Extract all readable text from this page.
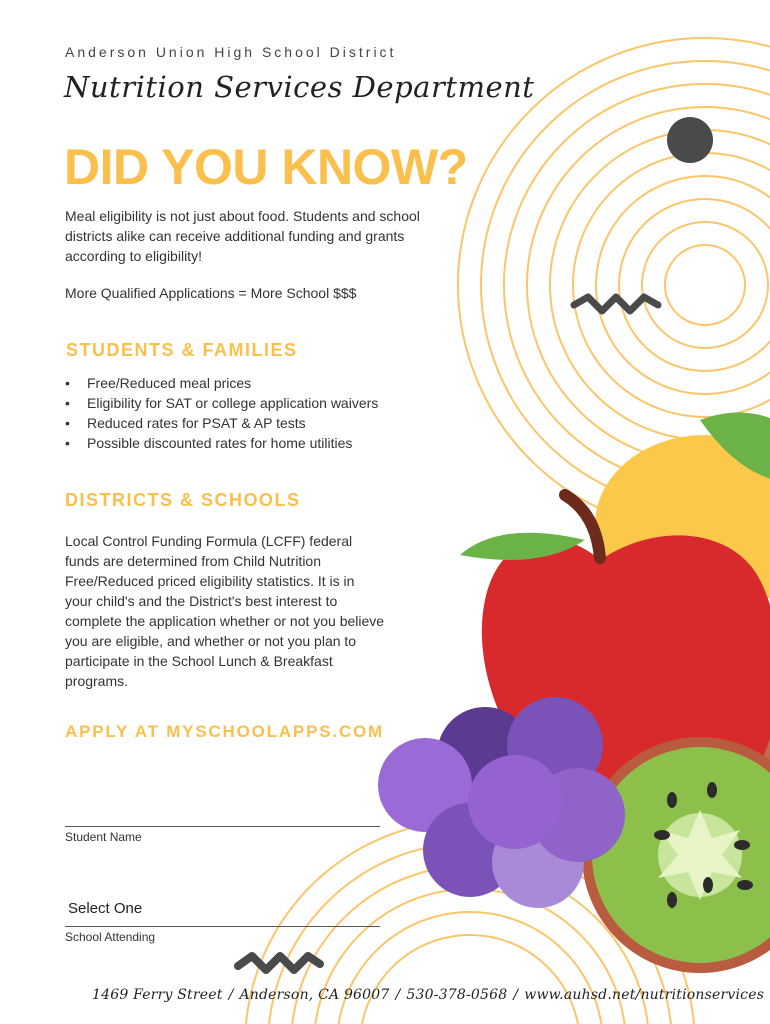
Anderson Union High School District
Nutrition Services Department
DID YOU KNOW?

Meal eligibility is not just about food. Students and school districts alike can receive additional funding and grants according to eligibility!

More Qualified Applications = More School $$$
STUDENTS & FAMILIES
• Free/Reduced meal prices
• Eligibility for SAT or college application waivers
• Reduced rates for PSAT & AP tests
• Possible discounted rates for home utilities
DISTRICTS & SCHOOLS

Local Control Funding Formula (LCFF) federal funds are determined from Child Nutrition Free/Reduced priced eligibility statistics. It is in your child's and the District's best interest to complete the application whether or not you believe you are eligible, and whether or not you plan to participate in the School Lunch & Breakfast programs.

APPLY AT MYSCHOOLAPPS.COM
Student Name
Select One
School Attending
1469 Ferry Street / Anderson, CA 96007 / 530-378-0568 / www.auhsd.net/nutritionservices
